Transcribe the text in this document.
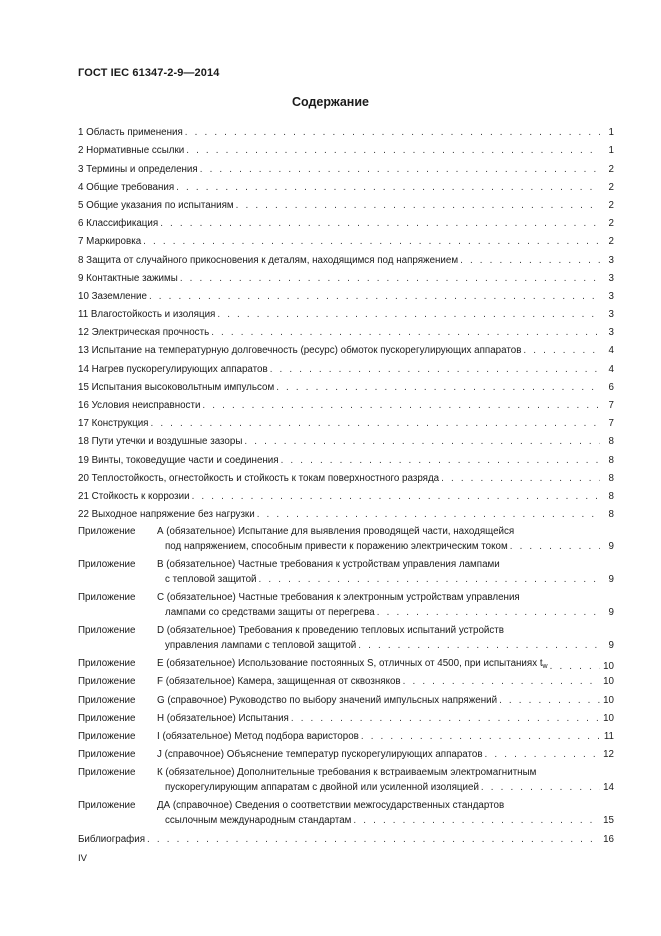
ГОСТ IEC 61347-2-9—2014
Содержание
1 Область применения . . .	1
2 Нормативные ссылки . . .	1
3 Термины и определения . . .	2
4 Общие требования . . .	2
5 Общие указания по испытаниям . . .	2
6 Классификация . . .	2
7 Маркировка . . .	2
8 Защита от случайного прикосновения к деталям, находящимся под напряжением . . .	3
9 Контактные зажимы . . .	3
10 Заземление . . .	3
11 Влагостойкость и изоляция . . .	3
12 Электрическая прочность . . .	3
13 Испытание на температурную долговечность (ресурс) обмоток пускорегулирующих аппаратов . . .	4
14 Нагрев пускорегулирующих аппаратов . . .	4
15 Испытания высоковольтным импульсом . . .	6
16 Условия неисправности . . .	7
17 Конструкция . . .	7
18 Пути утечки и воздушные зазоры . . .	8
19 Винты, токоведущие части и соединения . . .	8
20 Теплостойкость, огнестойкость и стойкость к токам поверхностного разряда . . .	8
21 Стойкость к коррозии . . .	8
22 Выходное напряжение без нагрузки . . .	8
Приложение А (обязательное) Испытание для выявления проводящей части, находящейся
под напряжением, способным привести к поражению электрическим током . . .	9
Приложение В (обязательное) Частные требования к устройствам управления лампами
с тепловой защитой . . .	9
Приложение С (обязательное) Частные требования к электронным устройствам управления
лампами со средствами защиты от перегрева . . .	9
Приложение D (обязательное) Требования к проведению тепловых испытаний устройств
управления лампами с тепловой защитой . . .	9
Приложение Е (обязательное) Использование постоянных S, отличных от 4500, при испытаниях $t_w$ . . .	10
Приложение F (обязательное) Камера, защищенная от сквозняков . . .	10
Приложение G (справочное) Руководство по выбору значений импульсных напряжений . . .	10
Приложение Н (обязательное) Испытания . . .	10
Приложение I (обязательное) Метод подбора варисторов . . .	11
Приложение J (справочное) Объяснение температур пускорегулирующих аппаратов . . .	12
Приложение К (обязательное) Дополнительные требования к встраиваемым электромагнитным
пускорегулирующим аппаратам с двойной или усиленной изоляцией . . .	14
Приложение ДА (справочное) Сведения о соответствии межгосударственных стандартов
ссылочным международным стандартам . . .	15
Библиография . . .	16
IV
